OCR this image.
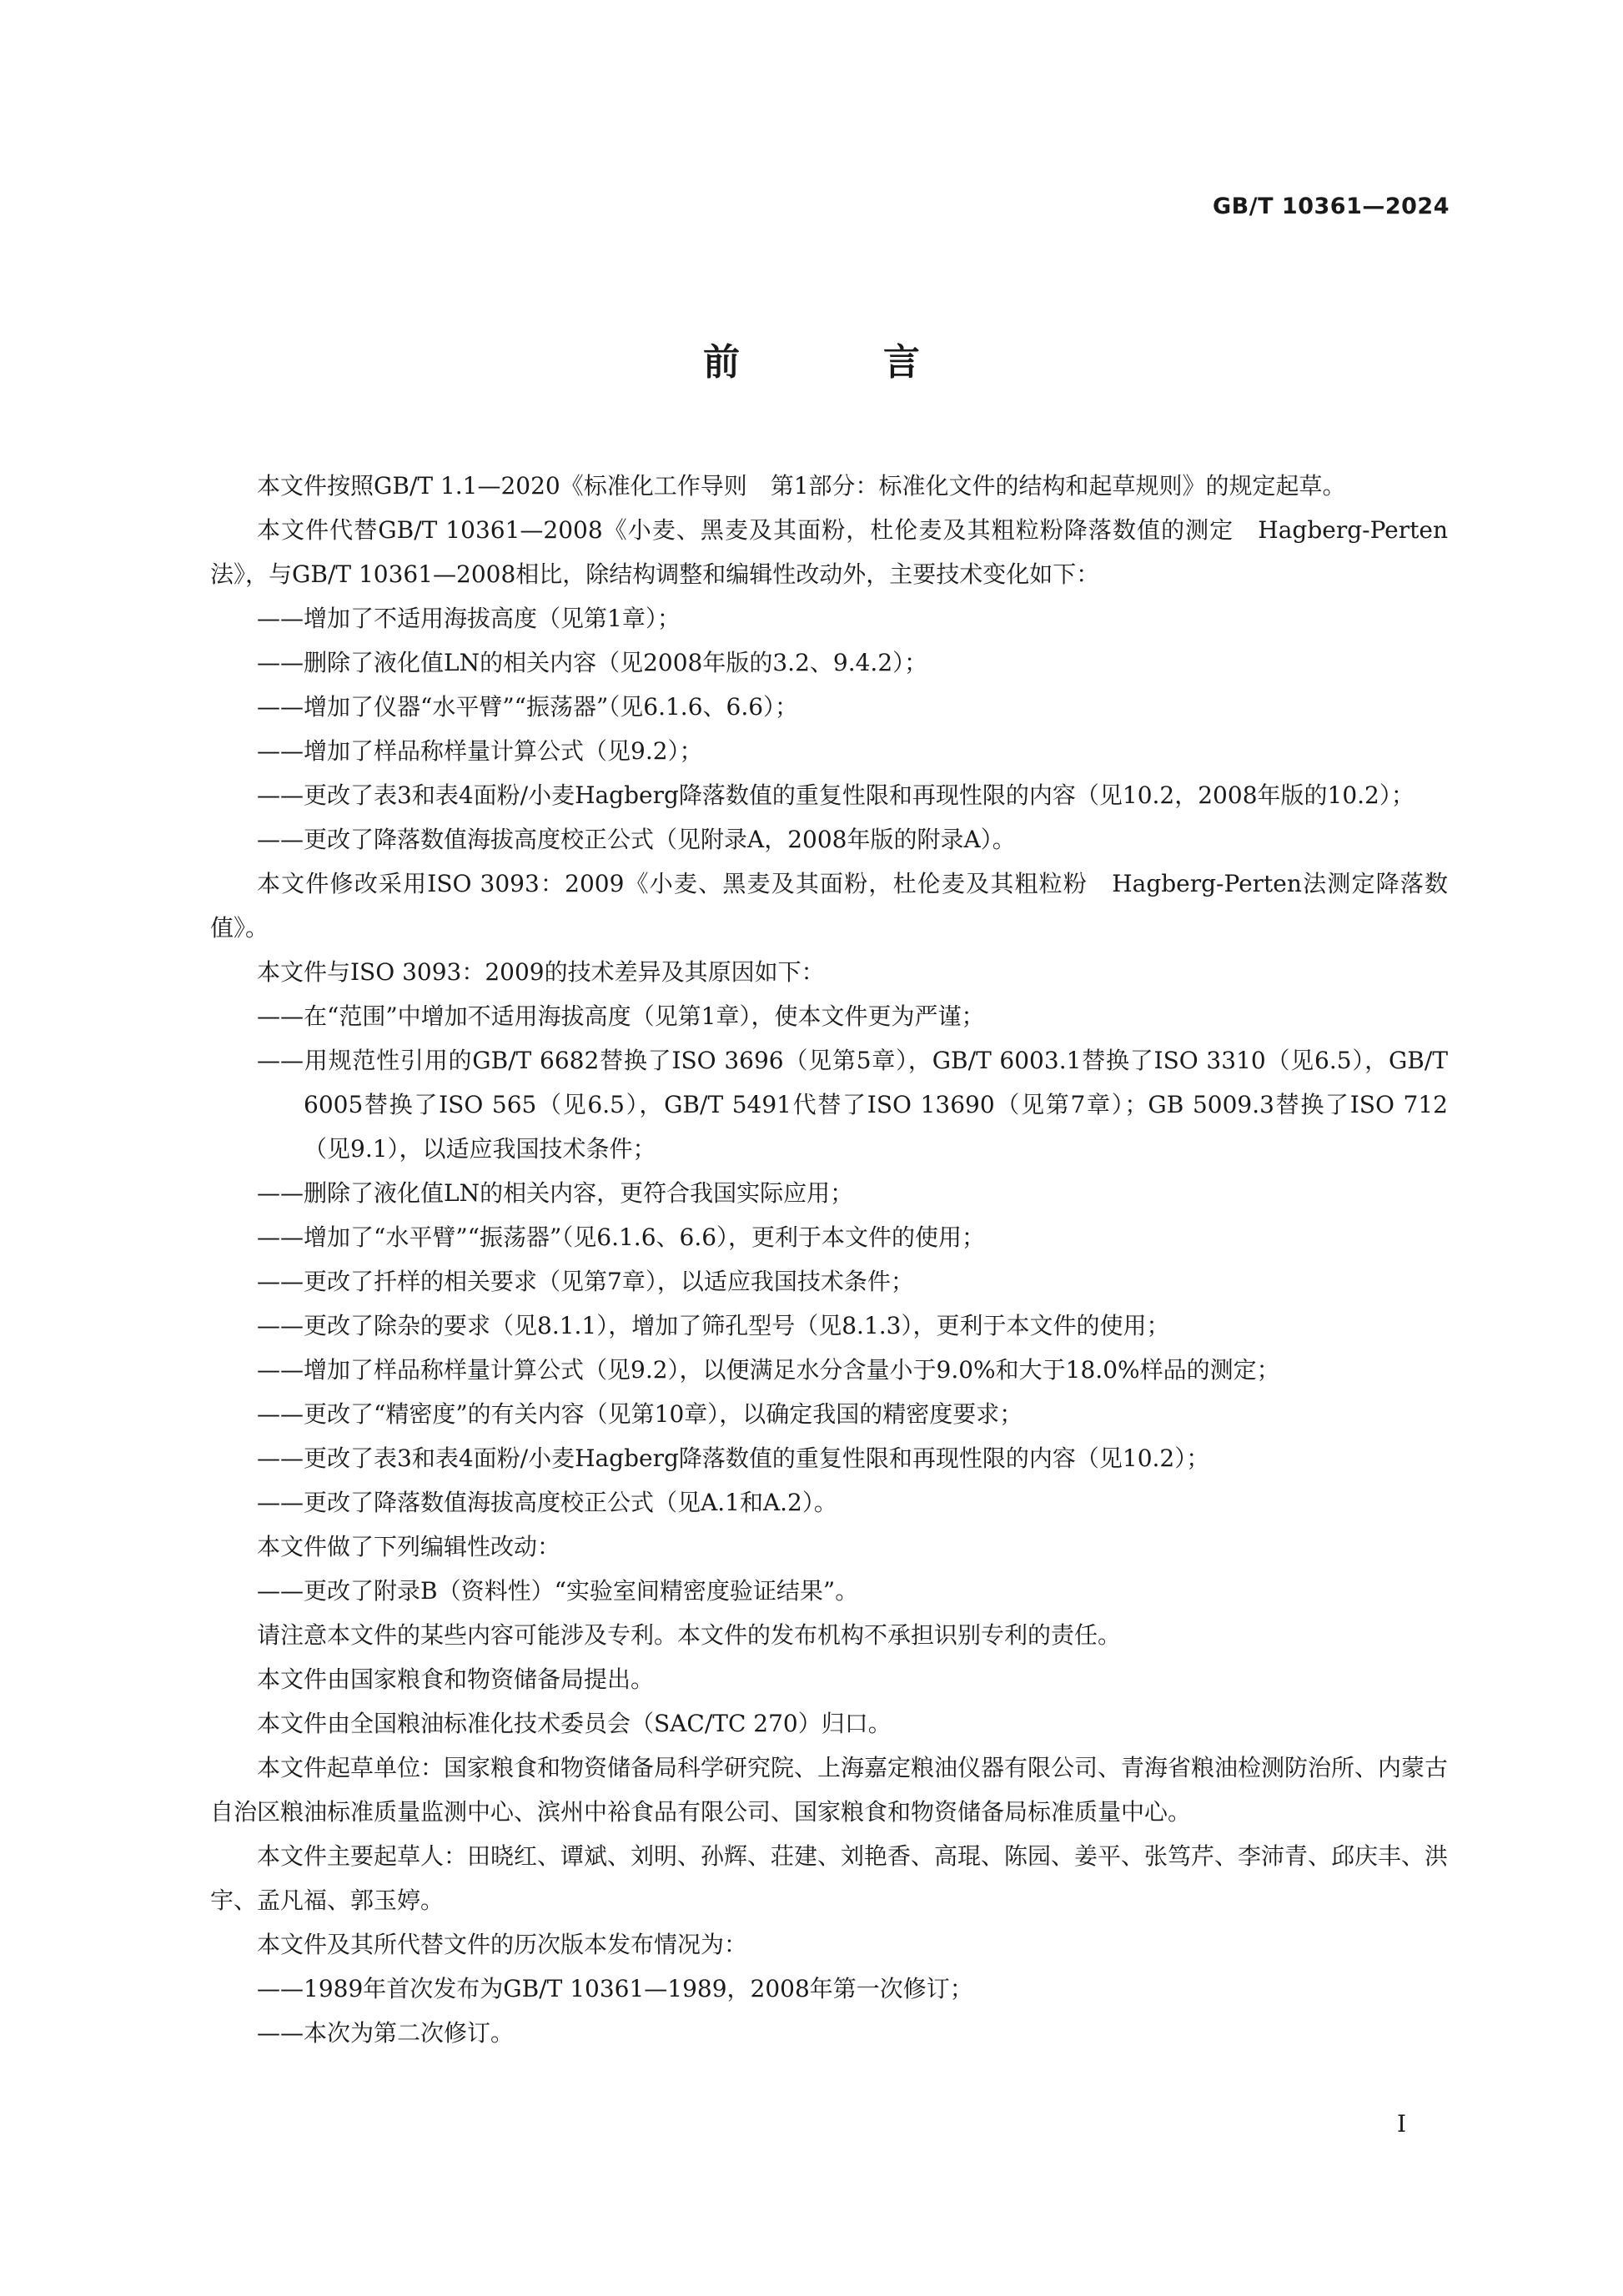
GB/T 10361—2024
前　言

本文件按照GB/T 1.1—2020《标准化工作导则　第1部分：标准化文件的结构和起草规则》的规定起草。

本文件代替GB/T 10361—2008《小麦、黑麦及其面粉，杜伦麦及其粗粒粉降落数值的测定　Hagberg-Perten法》，与GB/T 10361—2008相比，除结构调整和编辑性改动外，主要技术变化如下：

——增加了不适用海拔高度（见第1章）；

——删除了液化值LN的相关内容（见2008年版的3.2、9.4.2）；

——增加了仪器“水平臂”“振荡器”（见6.1.6、6.6）；

——增加了样品称样量计算公式（见9.2）；

——更改了表3和表4面粉/小麦Hagberg降落数值的重复性限和再现性限的内容（见10.2，2008年版的10.2）；

——更改了降落数值海拔高度校正公式（见附录A，2008年版的附录A）。

本文件修改采用ISO 3093：2009《小麦、黑麦及其面粉，杜伦麦及其粗粒粉　Hagberg-Perten法测定降落数值》。

本文件与ISO 3093：2009的技术差异及其原因如下：

——在“范围”中增加不适用海拔高度（见第1章），使本文件更为严谨；

——用规范性引用的GB/T 6682替换了ISO 3696（见第5章），GB/T 6003.1替换了ISO 3310（见6.5），GB/T 6005替换了ISO 565（见6.5），GB/T 5491代替了ISO 13690（见第7章）；GB 5009.3替换了ISO 712（见9.1），以适应我国技术条件；

——删除了液化值LN的相关内容，更符合我国实际应用；

——增加了“水平臂”“振荡器”（见6.1.6、6.6），更利于本文件的使用；

——更改了扦样的相关要求（见第7章），以适应我国技术条件；

——更改了除杂的要求（见8.1.1），增加了筛孔型号（见8.1.3），更利于本文件的使用；

——增加了样品称样量计算公式（见9.2），以便满足水分含量小于9.0%和大于18.0%样品的测定；

——更改了“精密度”的有关内容（见第10章），以确定我国的精密度要求；

——更改了表3和表4面粉/小麦Hagberg降落数值的重复性限和再现性限的内容（见10.2）；

——更改了降落数值海拔高度校正公式（见A.1和A.2）。

本文件做了下列编辑性改动：

——更改了附录B（资料性）“实验室间精密度验证结果”。

请注意本文件的某些内容可能涉及专利。本文件的发布机构不承担识别专利的责任。

本文件由国家粮食和物资储备局提出。

本文件由全国粮油标准化技术委员会（SAC/TC 270）归口。

本文件起草单位：国家粮食和物资储备局科学研究院、上海嘉定粮油仪器有限公司、青海省粮油检测防治所、内蒙古自治区粮油标准质量监测中心、滨州中裕食品有限公司、国家粮食和物资储备局标准质量中心。

本文件主要起草人：田晓红、谭斌、刘明、孙辉、荘建、刘艳香、高琨、陈园、姜平、张笃芹、李沛青、邱庆丰、洪宇、孟凡福、郭玉婷。

本文件及其所代替文件的历次版本发布情况为：

——1989年首次发布为GB/T 10361—1989，2008年第一次修订；

——本次为第二次修订。

I
